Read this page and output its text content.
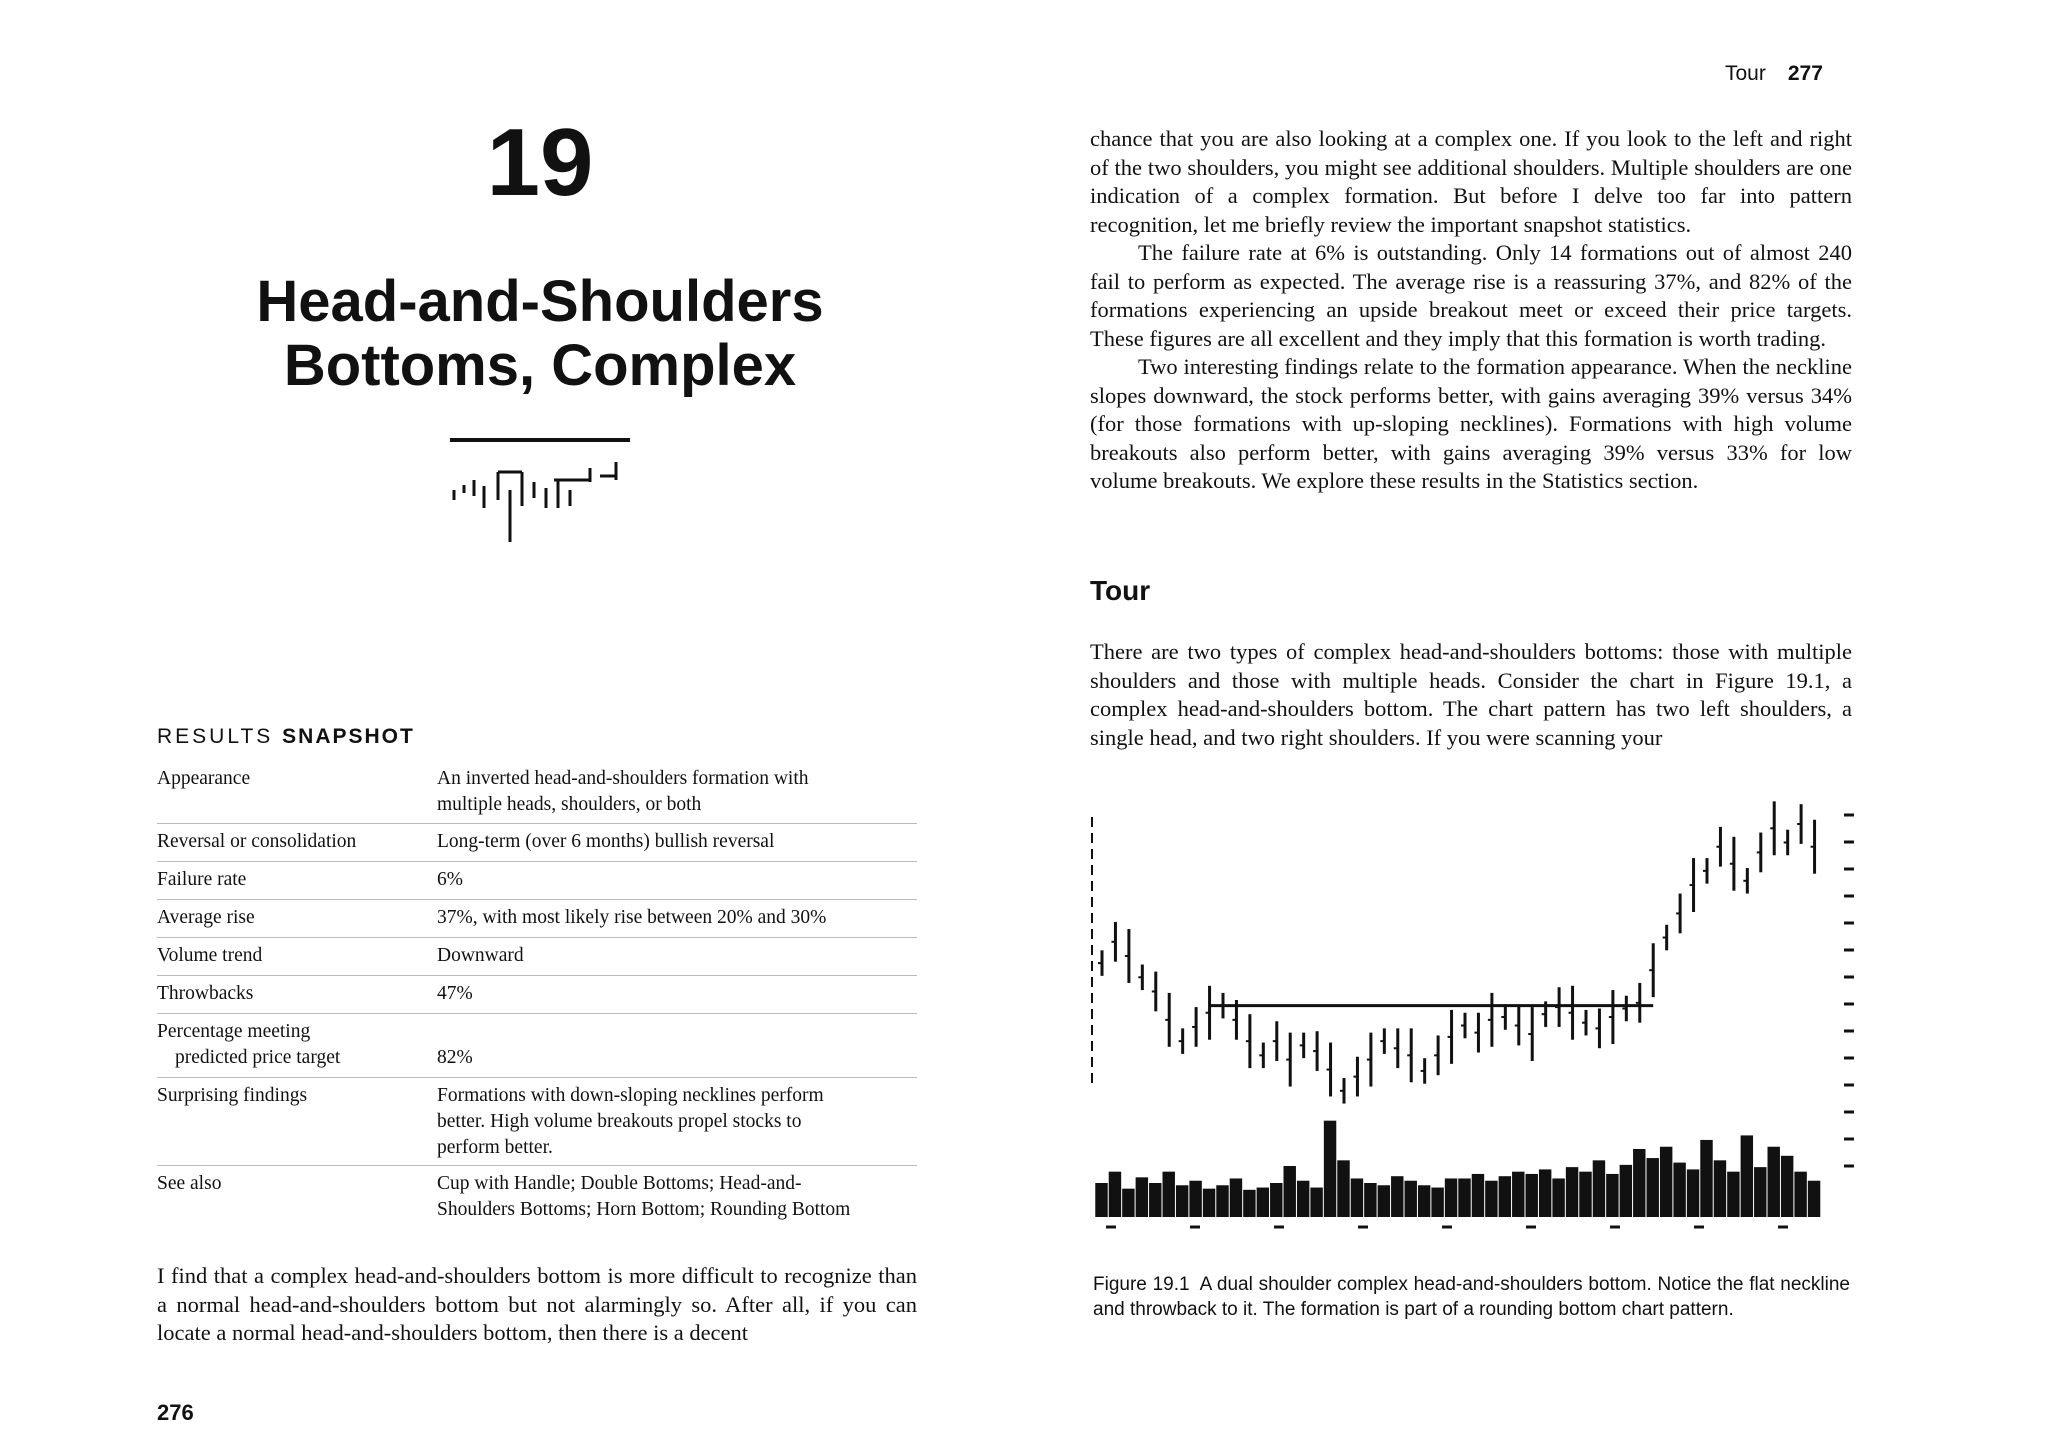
19
Head-and-Shoulders
Bottoms, Complex
RESULTS SNAPSHOT
Appearance	An inverted head-and-shoulders formation with
multiple heads, shoulders, or both
Reversal or consolidation	Long-term (over 6 months) bullish reversal
Failure rate	6%
Average rise	37%, with most likely rise between 20% and 30%
Volume trend	Downward
Throwbacks	47%
Percentage meeting
predicted price target	82%
Surprising findings	Formations with down-sloping necklines perform
better. High volume breakouts propel stocks to
perform better.
See also	Cup with Handle; Double Bottoms; Head-and-
Shoulders Bottoms; Horn Bottom; Rounding Bottom
I find that a complex head-and-shoulders bottom is more difficult to recognize than a normal head-and-shoulders bottom but not alarmingly so. After all, if you can locate a normal head-and-shoulders bottom, then there is a decent
276
Tour 277

chance that you are also looking at a complex one. If you look to the left and right of the two shoulders, you might see additional shoulders. Multiple shoulders are one indication of a complex formation. But before I delve too far into pattern recognition, let me briefly review the important snapshot statistics.

The failure rate at 6% is outstanding. Only 14 formations out of almost 240 fail to perform as expected. The average rise is a reassuring 37%, and 82% of the formations experiencing an upside breakout meet or exceed their price targets. These figures are all excellent and they imply that this formation is worth trading.

Two interesting findings relate to the formation appearance. When the neckline slopes downward, the stock performs better, with gains averaging 39% versus 34% (for those formations with up-sloping necklines). Formations with high volume breakouts also perform better, with gains averaging 39% versus 33% for low volume breakouts. We explore these results in the Statistics section.

Tour
There are two types of complex head-and-shoulders bottoms: those with multiple shoulders and those with multiple heads. Consider the chart in Figure 19.1, a complex head-and-shoulders bottom. The chart pattern has two left shoulders, a single head, and two right shoulders. If you were scanning your
Figure 19.1 A dual shoulder complex head-and-shoulders bottom. Notice the flat neckline and throwback to it. The formation is part of a rounding bottom chart pattern.
